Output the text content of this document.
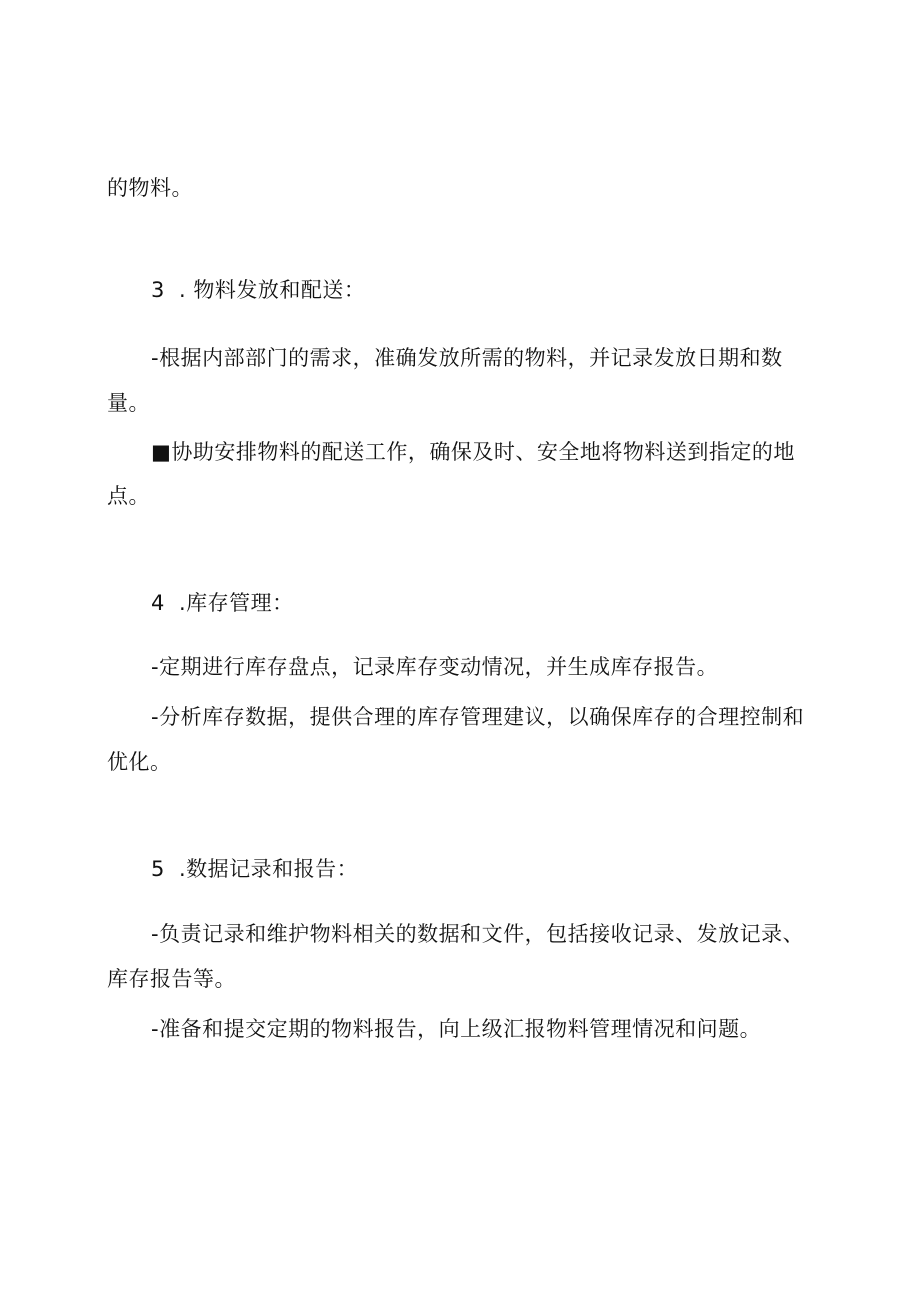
的物料。
3 . 物料发放和配送：
-根据内部部门的需求，准确发放所需的物料，并记录发放日期和数
量。
■协助安排物料的配送工作，确保及时、安全地将物料送到指定的地
点。
4 .库存管理：
-定期进行库存盘点，记录库存变动情况，并生成库存报告。
-分析库存数据，提供合理的库存管理建议，以确保库存的合理控制和
优化。
5 .数据记录和报告：
-负责记录和维护物料相关的数据和文件，包括接收记录、发放记录、
库存报告等。
-准备和提交定期的物料报告，向上级汇报物料管理情况和问题。
